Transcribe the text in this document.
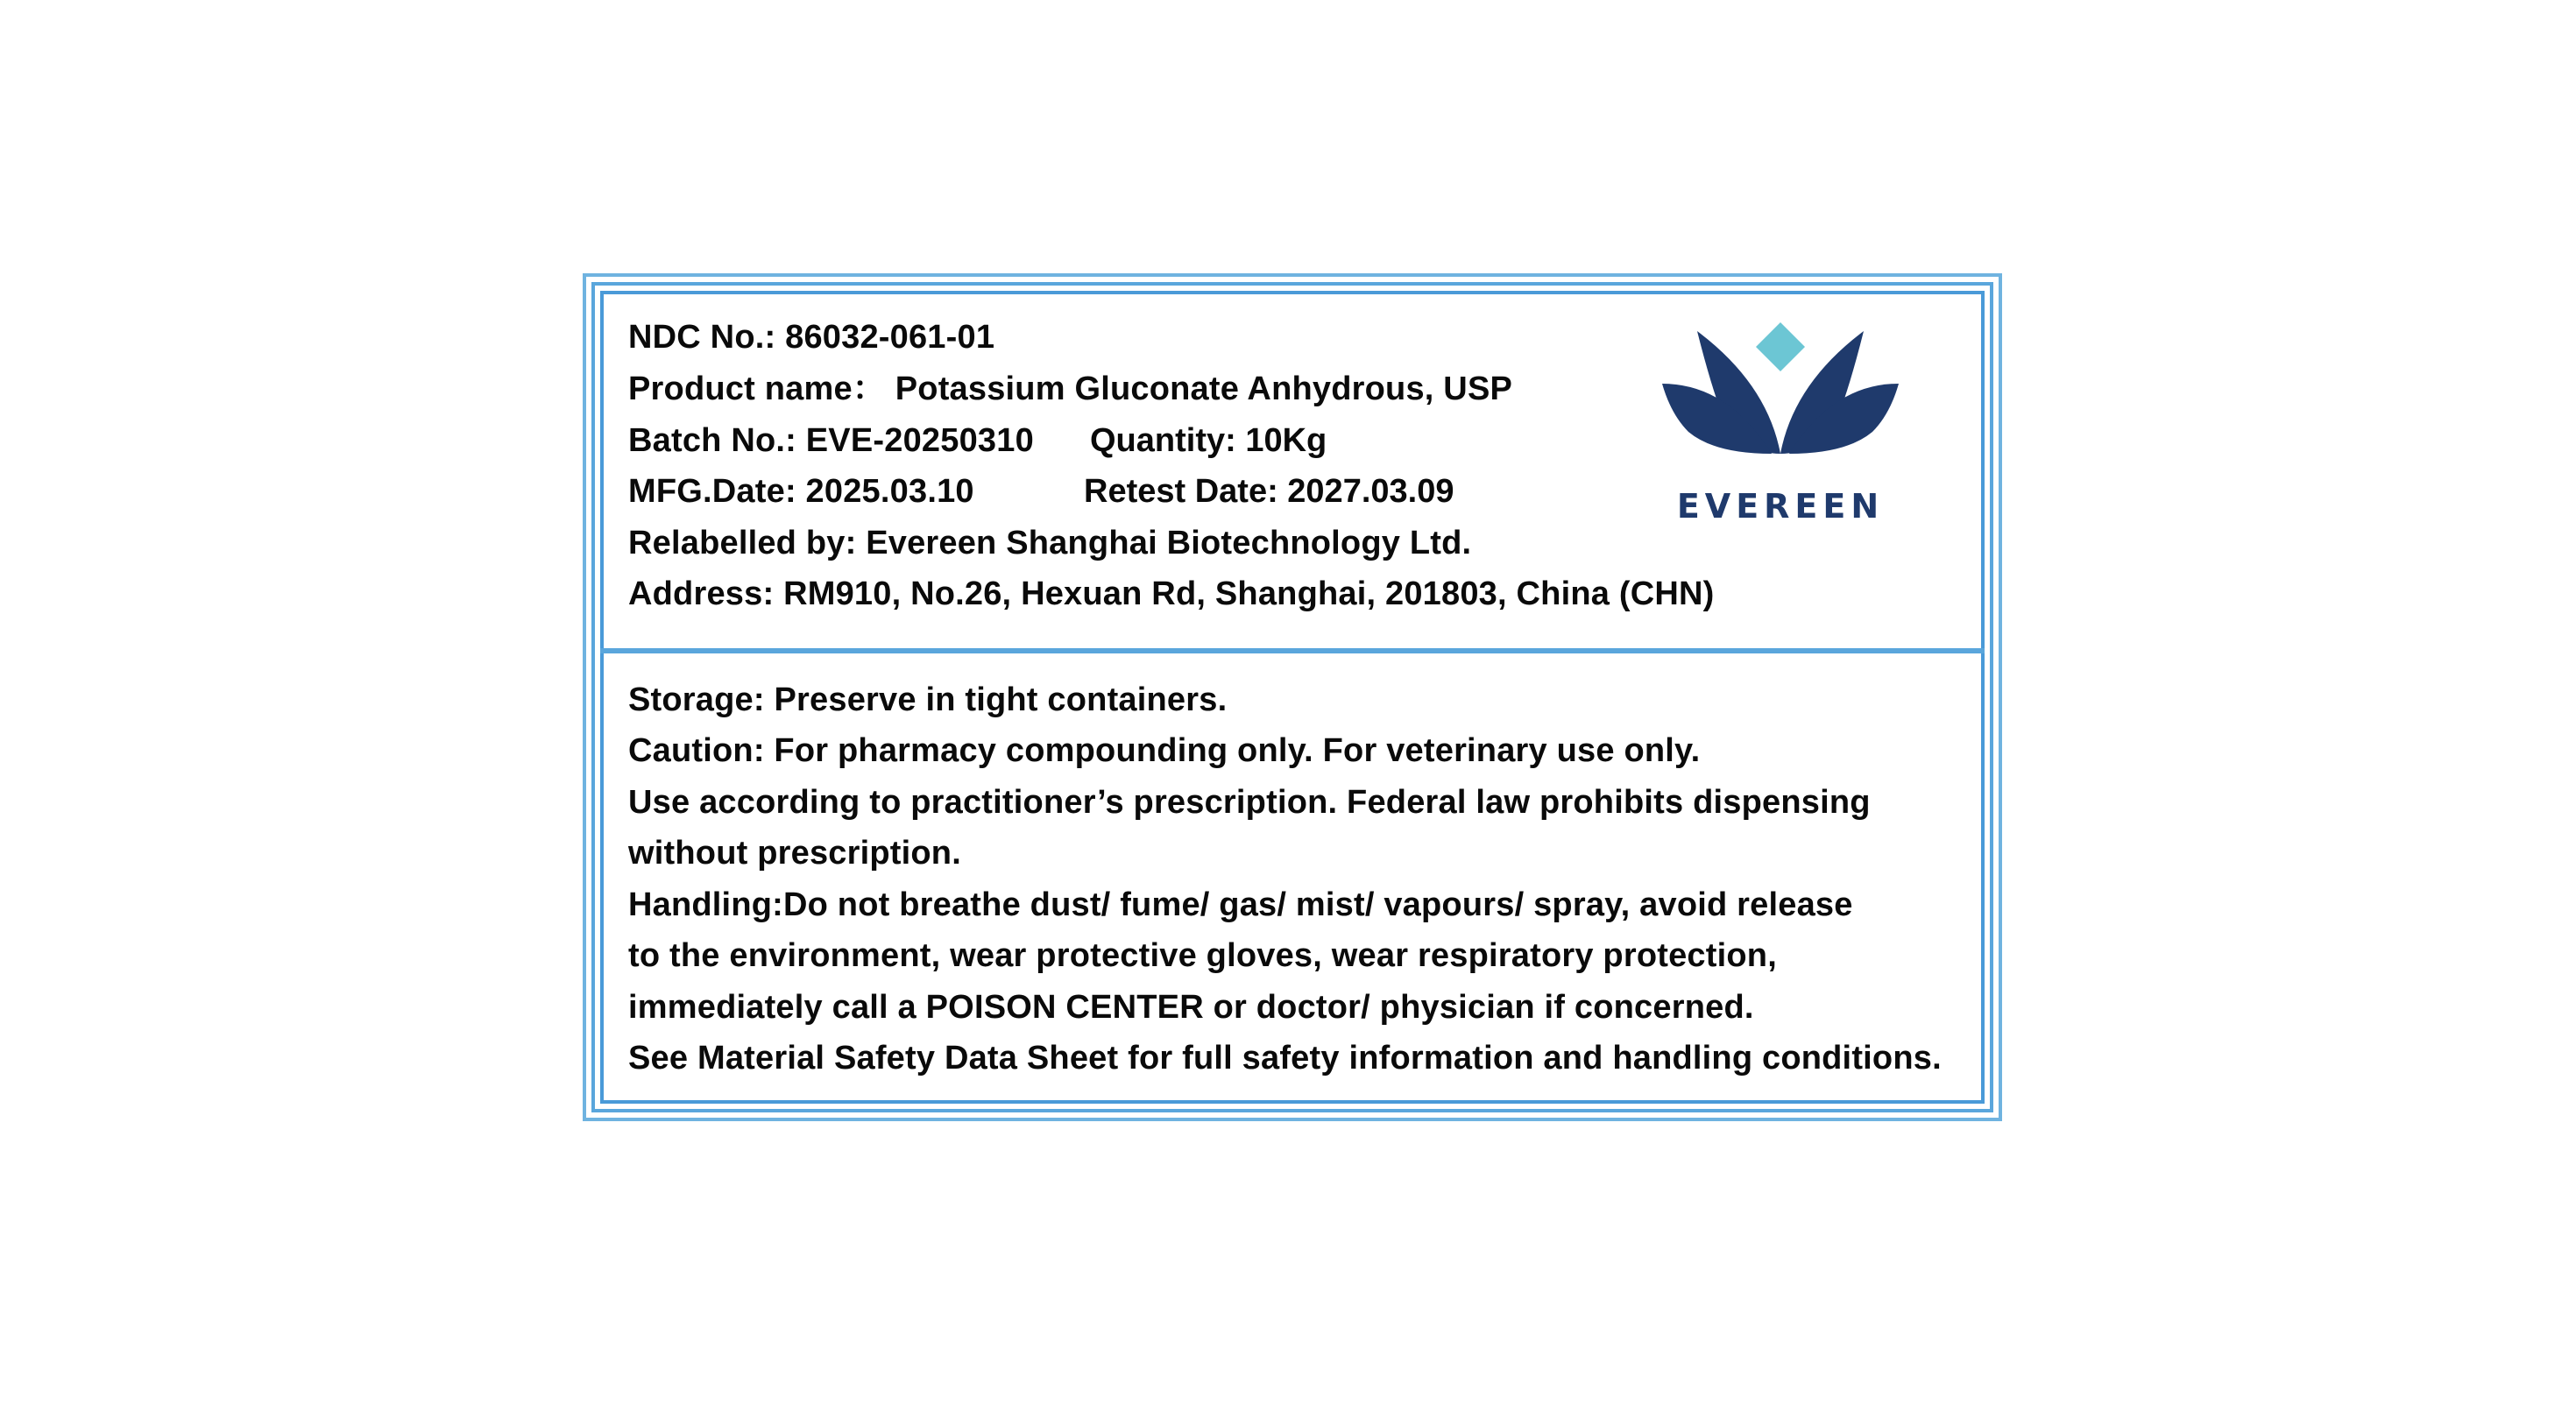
NDC No.: 86032-061-01
Product name： Potassium Gluconate Anhydrous, USP
Batch No.: EVE-20250310 Quantity: 10Kg
MFG.Date: 2025.03.10	Retest Date: 2027.03.09
Relabelled by: Evereen Shanghai Biotechnology Ltd.
Address: RM910, No.26, Hexuan Rd, Shanghai, 201803, China (CHN)
EVEREEN
Storage: Preserve in tight containers.
Caution: For pharmacy compounding only. For veterinary use only.
Use according to practitioner’s prescription. Federal law prohibits dispensing
without prescription.
Handling:Do not breathe dust/ fume/ gas/ mist/ vapours/ spray, avoid release
to the environment, wear protective gloves, wear respiratory protection,
immediately call a POISON CENTER or doctor/ physician if concerned.
See Material Safety Data Sheet for full safety information and handling conditions.
